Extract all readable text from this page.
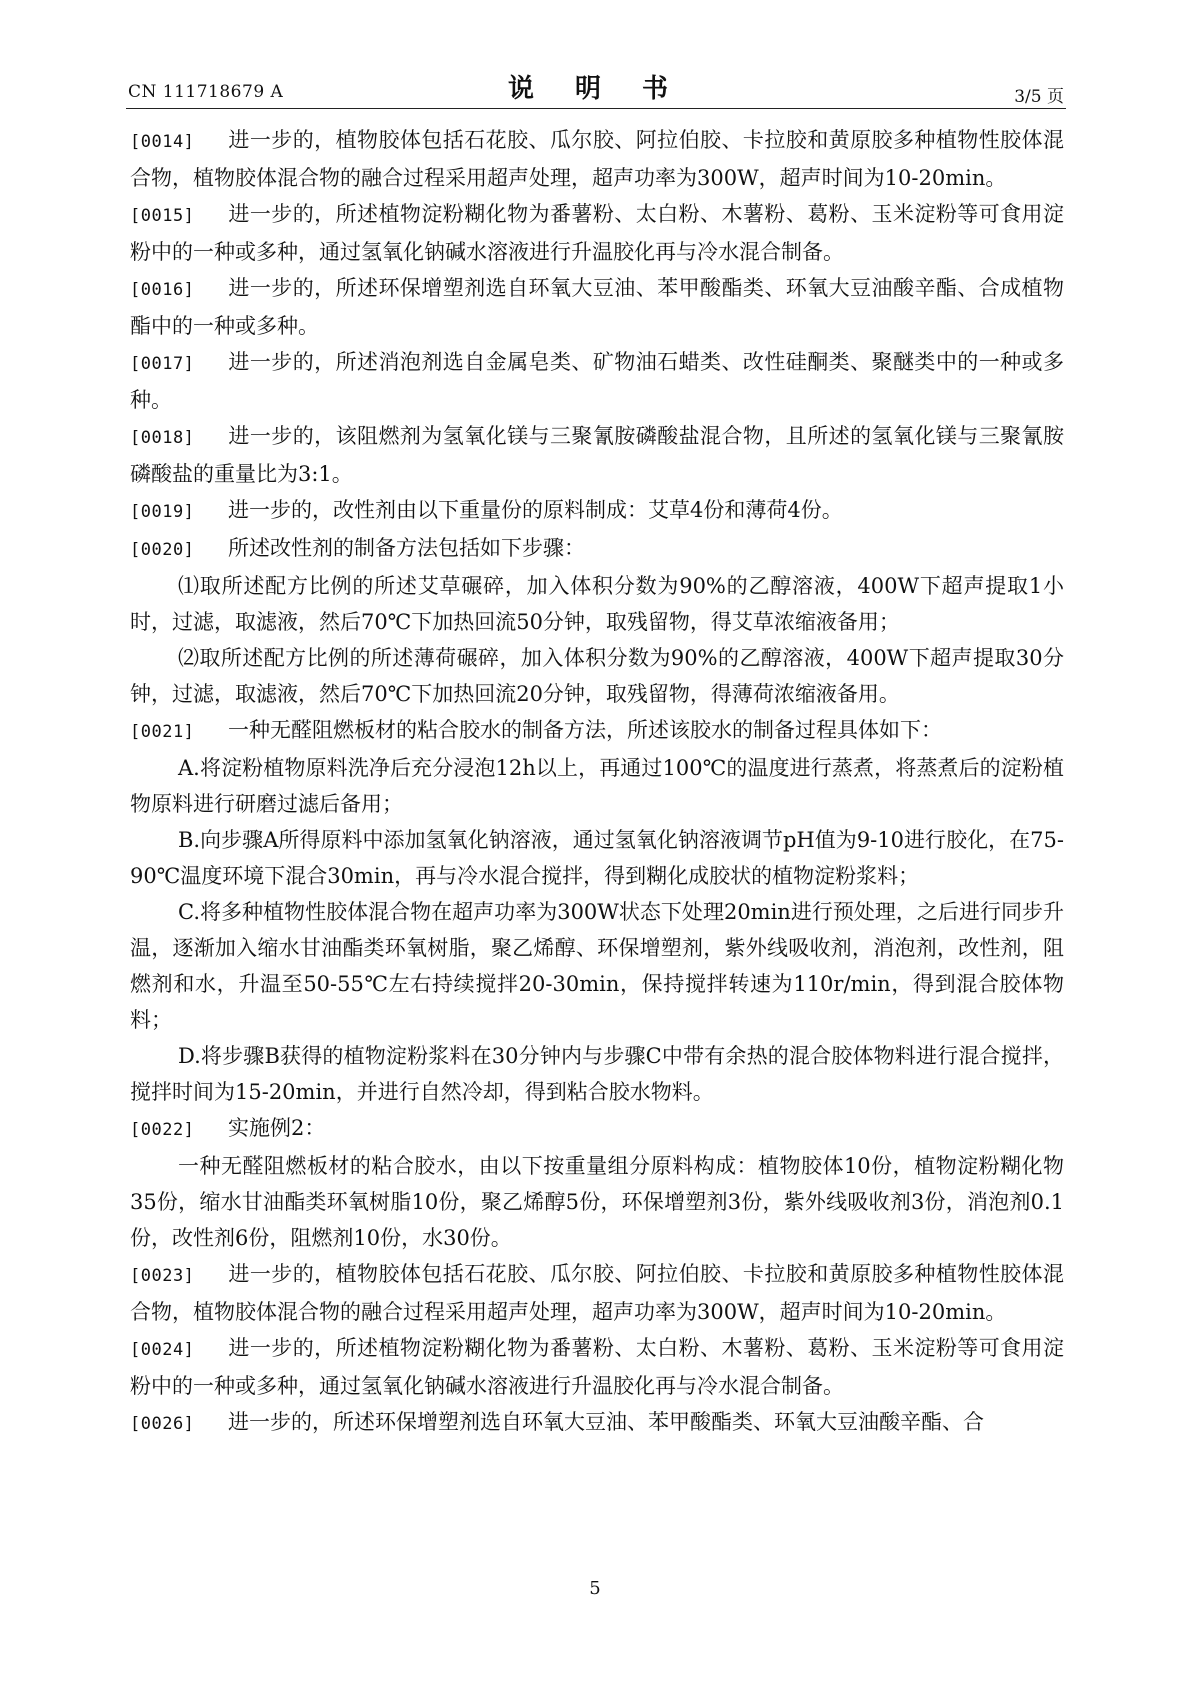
CN 111718679 A	说 明 书	3/5 页

[0014] 进一步的，植物胶体包括石花胶、瓜尔胶、阿拉伯胶、卡拉胶和黄原胶多种植物性胶体混合物，植物胶体混合物的融合过程采用超声处理，超声功率为300W，超声时间为10-20min。

[0015] 进一步的，所述植物淀粉糊化物为番薯粉、太白粉、木薯粉、葛粉、玉米淀粉等可食用淀粉中的一种或多种，通过氢氧化钠碱水溶液进行升温胶化再与冷水混合制备。

[0016] 进一步的，所述环保增塑剂选自环氧大豆油、苯甲酸酯类、环氧大豆油酸辛酯、合成植物酯中的一种或多种。

[0017] 进一步的，所述消泡剂选自金属皂类、矿物油石蜡类、改性硅酮类、聚醚类中的一种或多种。

[0018] 进一步的，该阻燃剂为氢氧化镁与三聚氰胺磷酸盐混合物，且所述的氢氧化镁与三聚氰胺磷酸盐的重量比为3:1。

[0019] 进一步的，改性剂由以下重量份的原料制成：艾草4份和薄荷4份。

[0020] 所述改性剂的制备方法包括如下步骤：

⑴取所述配方比例的所述艾草碾碎，加入体积分数为90%的乙醇溶液，400W下超声提取1小时，过滤，取滤液，然后70℃下加热回流50分钟，取残留物，得艾草浓缩液备用；

⑵取所述配方比例的所述薄荷碾碎，加入体积分数为90%的乙醇溶液，400W下超声提取30分钟，过滤，取滤液，然后70℃下加热回流20分钟，取残留物，得薄荷浓缩液备用。

[0021] 一种无醛阻燃板材的粘合胶水的制备方法，所述该胶水的制备过程具体如下：

A.将淀粉植物原料洗净后充分浸泡12h以上，再通过100℃的温度进行蒸煮，将蒸煮后的淀粉植物原料进行研磨过滤后备用；

B.向步骤A所得原料中添加氢氧化钠溶液，通过氢氧化钠溶液调节pH值为9-10进行胶化，在75-90℃温度环境下混合30min，再与冷水混合搅拌，得到糊化成胶状的植物淀粉浆料；

C.将多种植物性胶体混合物在超声功率为300W状态下处理20min进行预处理，之后进行同步升温，逐渐加入缩水甘油酯类环氧树脂，聚乙烯醇、环保增塑剂，紫外线吸收剂，消泡剂，改性剂，阻燃剂和水，升温至50-55℃左右持续搅拌20-30min，保持搅拌转速为110r/min，得到混合胶体物料；

D.将步骤B获得的植物淀粉浆料在30分钟内与步骤C中带有余热的混合胶体物料进行混合搅拌，搅拌时间为15-20min，并进行自然冷却，得到粘合胶水物料。

[0022] 实施例2：

一种无醛阻燃板材的粘合胶水，由以下按重量组分原料构成：植物胶体10份，植物淀粉糊化物35份，缩水甘油酯类环氧树脂10份，聚乙烯醇5份，环保增塑剂3份，紫外线吸收剂3份，消泡剂0.1份，改性剂6份，阻燃剂10份，水30份。

[0023] 进一步的，植物胶体包括石花胶、瓜尔胶、阿拉伯胶、卡拉胶和黄原胶多种植物性胶体混合物，植物胶体混合物的融合过程采用超声处理，超声功率为300W，超声时间为10-20min。

[0024] 进一步的，所述植物淀粉糊化物为番薯粉、太白粉、木薯粉、葛粉、玉米淀粉等可食用淀粉中的一种或多种，通过氢氧化钠碱水溶液进行升温胶化再与冷水混合制备。

[0026] 进一步的，所述环保增塑剂选自环氧大豆油、苯甲酸酯类、环氧大豆油酸辛酯、合

5
